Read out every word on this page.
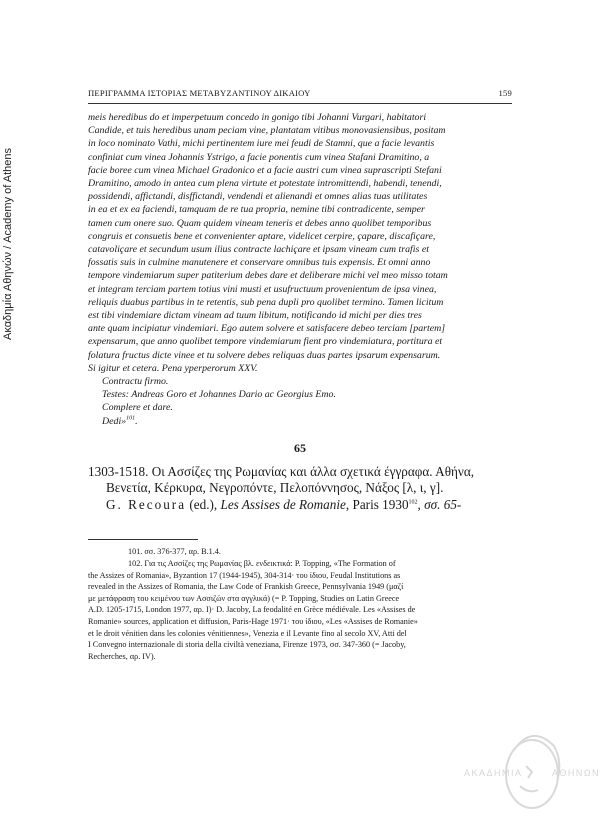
Ακαδημία Αθηνών / Academy of Athens
ΠΕΡΙΓΡΑΜΜΑ ΙΣΤΟΡΙΑΣ ΜΕΤΑΒΥΖΑΝΤΙΝΟΥ ΔΙΚΑΙΟΥ	159

meis heredibus do et imperpetuum concedo in gonigo tibi Johanni Vurgari, habitatori
Candide, et tuis heredibus unam peciam vine, plantatam vitibus monovasiensibus, positam
in loco nominato Vathi, michi pertinentem iure mei feudi de Stamni, que a facie levantis
confiniat cum vinea Johannis Ystrigo, a facie ponentis cum vinea Stafani Dramitino, a
facie boree cum vinea Michael Gradonico et a facie austri cum vinea suprascripti Stefani
Dramitino, amodo in antea cum plena virtute et potestate intromittendi, habendi, tenendi,
possidendi, affictandi, disffictandi, vendendi et alienandi et omnes alias tuas utilitates
in ea et ex ea faciendi, tamquam de re tua propria, nemine tibi contradicente, semper
tamen cum onere suo. Quam quidem vineam teneris et debes anno quolibet temporibus
congruis et consuetis bene et convenienter aptare, videlicet cerpire, çapare, discafiçare,
catavoliçare et secundum usum ilius contracte lachiçare et ipsam vineam cum trafis et
fossatis suis in culmine manutenere et conservare omnibus tuis expensis. Et omni anno
tempore vindemiarum super patiterium debes dare et deliberare michi vel meo misso totam
et integram terciam partem totius vini musti et usufructuum provenientum de ipsa vinea,
reliquis duabus partibus in te retentis, sub pena dupli pro quolibet termino. Tamen licitum
est tibi vindemiare dictam vineam ad tuum libitum, notificando id michi per dies tres
ante quam incipiatur vindemiari. Ego autem solvere et satisfacere debeo terciam [partem]
expensarum, que anno quolibet tempore vindemiarum fient pro vindemiatura, portitura et
folatura fructus dicte vinee et tu solvere debes reliquas duas partes ipsarum expensarum.
Si igitur et cetera. Pena yperperorum XXV.
Contractu firmo.
Testes: Andreas Goro et Johannes Dario ac Georgius Emo.
Complere et dare.
Dedi»$^{101}$.

65

1303-1518. Οι Ασσίζες της Ρωμανίας και άλλα σχετικά έγγραφα. Αθήνα,
Βενετία, Κέρκυρα, Νεγροπόντε, Πελοπόννησος, Νάξος [λ, ι, γ].
G. Recoura (ed.), Les Assises de Romanie, Paris 1930$^{102}$, σσ. 65-

101. σσ. 376-377, αρ. B.1.4.
102. Για τις Ασσίζες της Ρωμανίας βλ. ενδεικτικά: P. Topping, «The Formation of
the Assizes of Romania», Byzantion 17 (1944-1945), 304-314· του ίδιου, Feudal Institutions as
revealed in the Assizes of Romania, the Law Code of Frankish Greece, Pennsylvania 1949 (μαζί
με μετάφραση του κειμένου των Ασσιζών στα αγγλικά) (= P. Topping, Studies on Latin Greece
A.D. 1205-1715, London 1977, αρ. I)· D. Jacoby, La feodalité en Grèce médiévale. Les «Assises de
Romanie» sources, application et diffusion, Paris-Hage 1971· του ίδιου, «Les «Assises de Romanie»
et le droit vénitien dans les colonies vénitiennes», Venezia e il Levante fino al secolo XV, Atti del
I Convegno internazionale di storia della civiltà veneziana, Firenze 1973, σσ. 347-360 (= Jacoby,
Recherches, αρ. IV).

ΑΚΑΔΗΜΙΑ	ΑΘΗΝΩΝ
